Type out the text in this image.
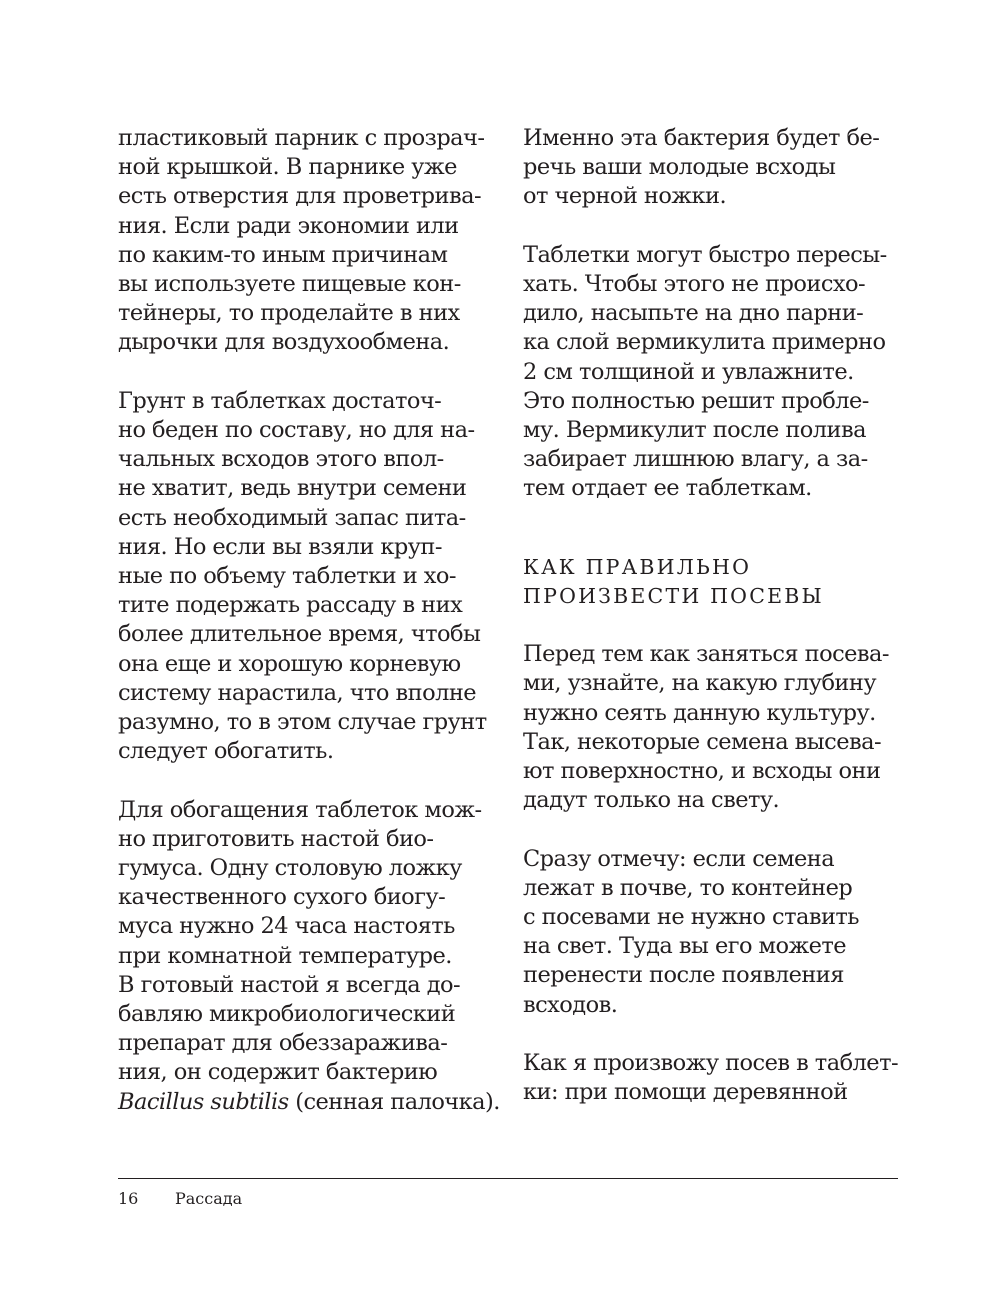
пластиковый парник с прозрач-
ной крышкой. В парнике уже
есть отверстия для проветрива-
ния. Если ради экономии или
по каким-то иным причинам
вы используете пищевые кон-
тейнеры, то проделайте в них
дырочки для воздухообмена.

Грунт в таблетках достаточ-
но беден по составу, но для на-
чальных всходов этого впол-
не хватит, ведь внутри семени
есть необходимый запас пита-
ния. Но если вы взяли круп-
ные по объему таблетки и хо-
тите подержать рассаду в них
более длительное время, чтобы
она еще и хорошую корневую
систему нарастила, что вполне
разумно, то в этом случае грунт
следует обогатить.

Для обогащения таблеток мож-
но приготовить настой био-
гумуса. Одну столовую ложку
качественного сухого биогу-
муса нужно 24 часа настоять
при комнатной температуре.
В готовый настой я всегда до-
бавляю микробиологический
препарат для обеззаражива-
ния, он содержит бактерию
Bacillus subtilis (сенная палочка).

Именно эта бактерия будет бе-
речь ваши молодые всходы
от черной ножки.

Таблетки могут быстро пересы-
хать. Чтобы этого не происхо-
дило, насыпьте на дно парни-
ка слой вермикулита примерно
2 см толщиной и увлажните.
Это полностью решит пробле-
му. Вермикулит после полива
забирает лишнюю влагу, а за-
тем отдает ее таблеткам.

КАК ПРАВИЛЬНО
ПРОИЗВЕСТИ ПОСЕВЫ

Перед тем как заняться посева-
ми, узнайте, на какую глубину
нужно сеять данную культуру.
Так, некоторые семена высева-
ют поверхностно, и всходы они
дадут только на свету.

Сразу отмечу: если семена
лежат в почве, то контейнер
с посевами не нужно ставить
на свет. Туда вы его можете
перенести после появления
всходов.

Как я произвожу посев в таблет-
ки: при помощи деревянной

16 Рассада
